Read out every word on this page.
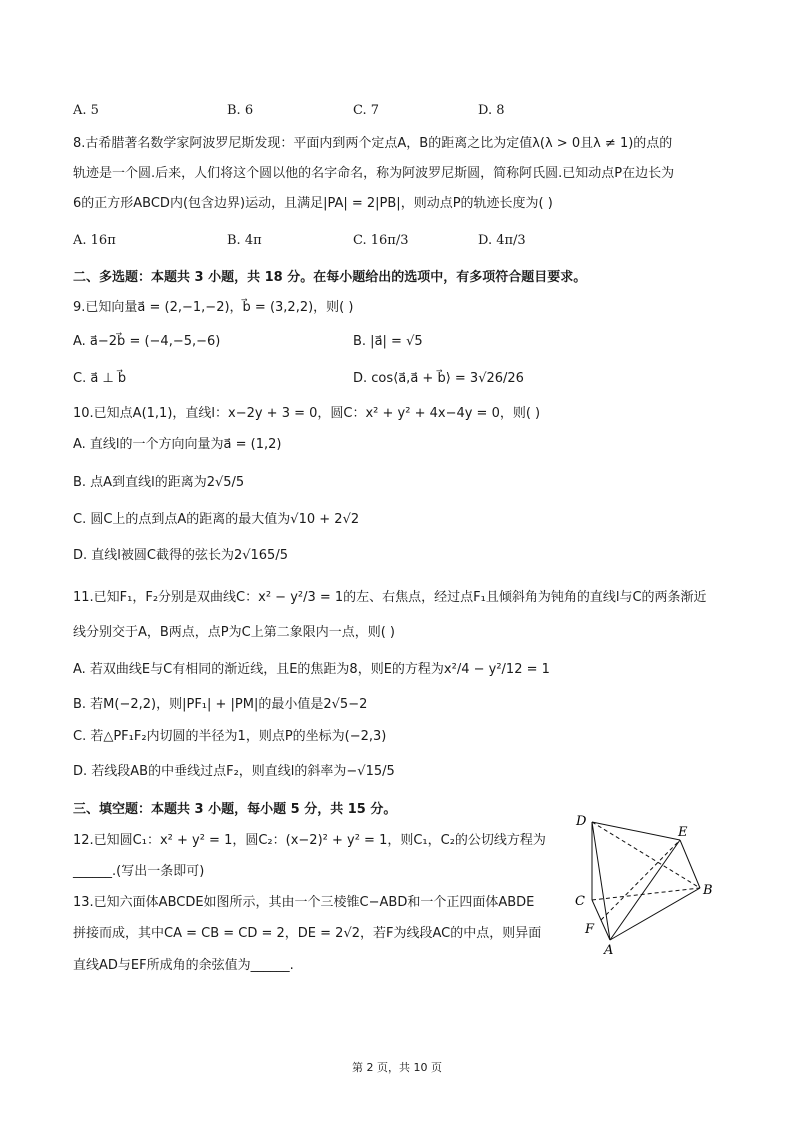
A. 5	B. 6	C. 7	D. 8
8.古希腊著名数学家阿波罗尼斯发现：平面内到两个定点A，B的距离之比为定值λ(λ > 0且λ ≠ 1)的点的
轨迹是一个圆.后来，人们将这个圆以他的名字命名，称为阿波罗尼斯圆，简称阿氏圆.已知动点P在边长为
6的正方形ABCD内(包含边界)运动，且满足|PA| = 2|PB|，则动点P的轨迹长度为( )
A. 16π	B. 4π	C. 16π/3	D. 4π/3
二、多选题：本题共 3 小题，共 18 分。在每小题给出的选项中，有多项符合题目要求。
9.已知向量a⃗ = (2,−1,−2)，b⃗ = (3,2,2)，则( )
A. a⃗−2b⃗ = (−4,−5,−6)	B. |a⃗| = √5
C. a⃗ ⊥ b⃗	D. cos⟨a⃗,a⃗ + b⃗⟩ = 3√26/26
10.已知点A(1,1)，直线l：x−2y + 3 = 0，圆C：x² + y² + 4x−4y = 0，则( )
A. 直线l的一个方向向量为a⃗ = (1,2)
B. 点A到直线l的距离为2√5/5
C. 圆C上的点到点A的距离的最大值为√10 + 2√2
D. 直线l被圆C截得的弦长为2√165/5
11.已知F₁，F₂分别是双曲线C：x² − y²/3 = 1的左、右焦点，经过点F₁且倾斜角为钝角的直线l与C的两条渐近
线分别交于A，B两点，点P为C上第二象限内一点，则( )
A. 若双曲线E与C有相同的渐近线，且E的焦距为8，则E的方程为x²/4 − y²/12 = 1
B. 若M(−2,2)，则|PF₁| + |PM|的最小值是2√5−2
C. 若△PF₁F₂内切圆的半径为1，则点P的坐标为(−2,3)
D. 若线段AB的中垂线过点F₂，则直线l的斜率为−√15/5
三、填空题：本题共 3 小题，每小题 5 分，共 15 分。
12.已知圆C₁：x² + y² = 1，圆C₂：(x−2)² + y² = 1，则C₁，C₂的公切线方程为
______.(写出一条即可)
13.已知六面体ABCDE如图所示，其由一个三棱锥C−ABD和一个正四面体ABDE
拼接而成，其中CA = CB = CD = 2，DE = 2√2，若F为线段AC的中点，则异面
直线AD与EF所成角的余弦值为______.
D
E
B
C
F
A
第 2 页，共 10 页
